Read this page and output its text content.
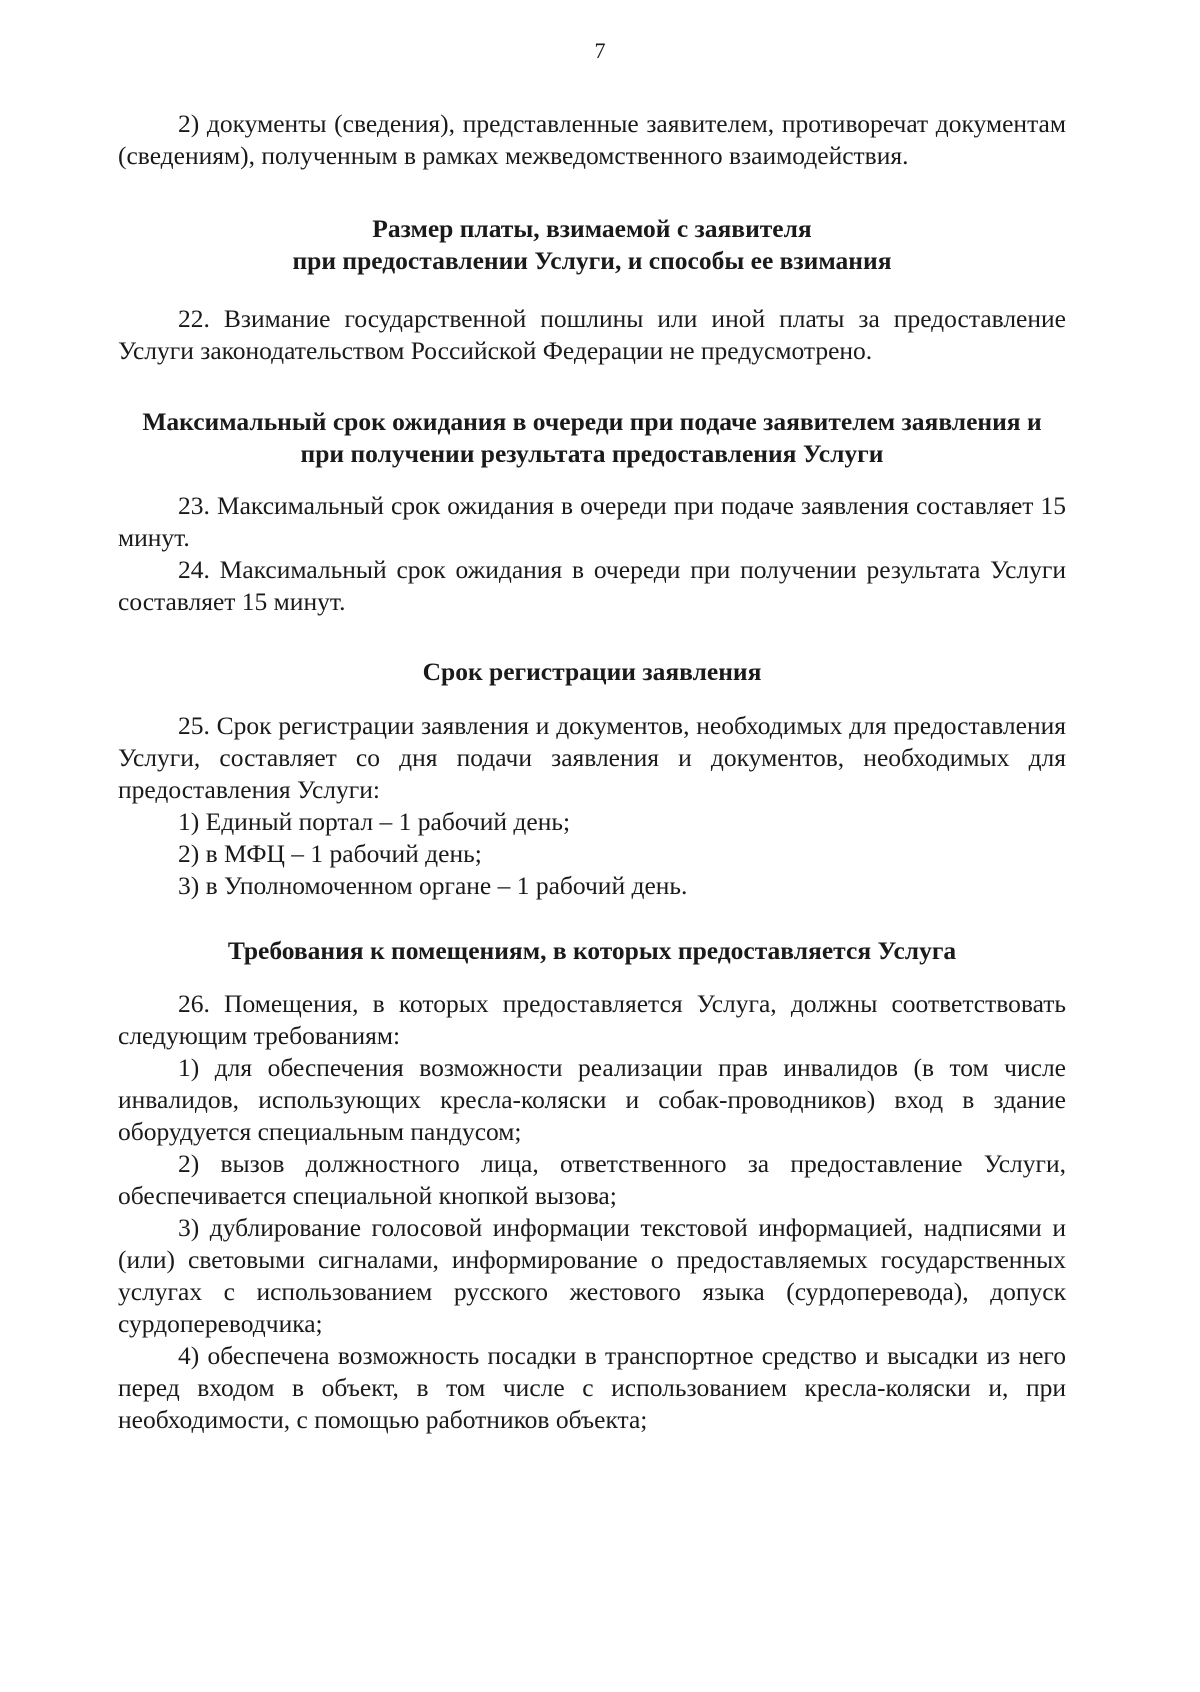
7

2) документы (сведения), представленные заявителем, противоречат документам (сведениям), полученным в рамках межведомственного взаимодействия.

Размер платы, взимаемой с заявителя

при предоставлении Услуги, и способы ее взимания

22. Взимание государственной пошлины или иной платы за предоставление Услуги законодательством Российской Федерации не предусмотрено.

Максимальный срок ожидания в очереди при подаче заявителем заявления и

при получении результата предоставления Услуги

23. Максимальный срок ожидания в очереди при подаче заявления составляет 15 минут.

24. Максимальный срок ожидания в очереди при получении результата Услуги составляет 15 минут.

Срок регистрации заявления

25. Срок регистрации заявления и документов, необходимых для предоставления Услуги, составляет со дня подачи заявления и документов, необходимых для предоставления Услуги:

1) Единый портал – 1 рабочий день;

2) в МФЦ – 1 рабочий день;

3) в Уполномоченном органе – 1 рабочий день.

Требования к помещениям, в которых предоставляется Услуга

26. Помещения, в которых предоставляется Услуга, должны соответствовать следующим требованиям:

1) для обеспечения возможности реализации прав инвалидов (в том числе инвалидов, использующих кресла-коляски и собак-проводников) вход в здание оборудуется специальным пандусом;

2) вызов должностного лица, ответственного за предоставление Услуги, обеспечивается специальной кнопкой вызова;

3) дублирование голосовой информации текстовой информацией, надписями и (или) световыми сигналами, информирование о предоставляемых государственных услугах с использованием русского жестового языка (сурдоперевода), допуск сурдопереводчика;

4) обеспечена возможность посадки в транспортное средство и высадки из него перед входом в объект, в том числе с использованием кресла-коляски и, при необходимости, с помощью работников объекта;
